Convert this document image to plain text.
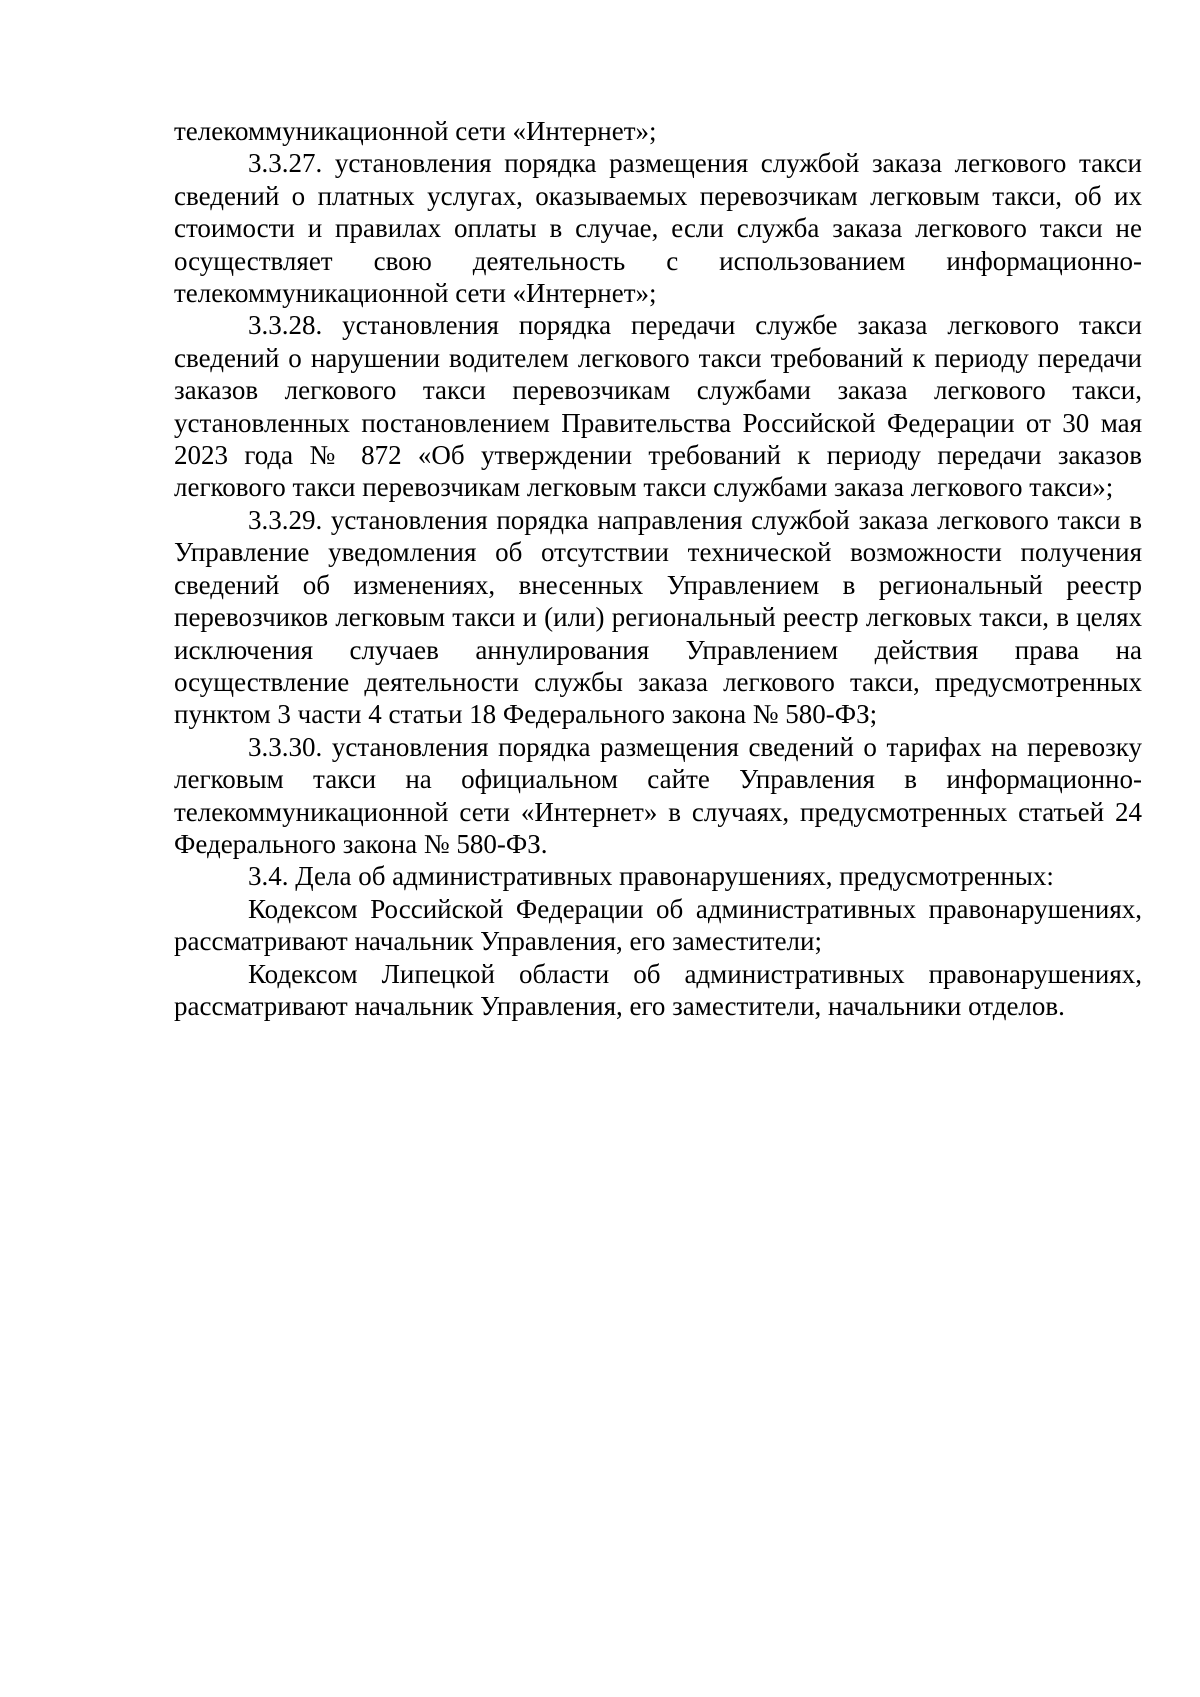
телекоммуникационной сети «Интернет»;

3.3.27. установления порядка размещения службой заказа легкового такси сведений о платных услугах, оказываемых перевозчикам легковым такси, об их стоимости и правилах оплаты в случае, если служба заказа легкового такси не осуществляет свою деятельность с использованием информационно-телекоммуникационной сети «Интернет»;

3.3.28. установления порядка передачи службе заказа легкового такси сведений о нарушении водителем легкового такси требований к периоду передачи заказов легкового такси перевозчикам службами заказа легкового такси, установленных постановлением Правительства Российской Федерации от 30 мая 2023 года № 872 «Об утверждении требований к периоду передачи заказов легкового такси перевозчикам легковым такси службами заказа легкового такси»;

3.3.29. установления порядка направления службой заказа легкового такси в Управление уведомления об отсутствии технической возможности получения сведений об изменениях, внесенных Управлением в региональный реестр перевозчиков легковым такси и (или) региональный реестр легковых такси, в целях исключения случаев аннулирования Управлением действия права на осуществление деятельности службы заказа легкового такси, предусмотренных пунктом 3 части 4 статьи 18 Федерального закона № 580-ФЗ;

3.3.30. установления порядка размещения сведений о тарифах на перевозку легковым такси на официальном сайте Управления в информационно-телекоммуникационной сети «Интернет» в случаях, предусмотренных статьей 24 Федерального закона № 580-ФЗ.

3.4. Дела об административных правонарушениях, предусмотренных:

Кодексом Российской Федерации об административных правонарушениях, рассматривают начальник Управления, его заместители;

Кодексом Липецкой области об административных правонарушениях, рассматривают начальник Управления, его заместители, начальники отделов.
